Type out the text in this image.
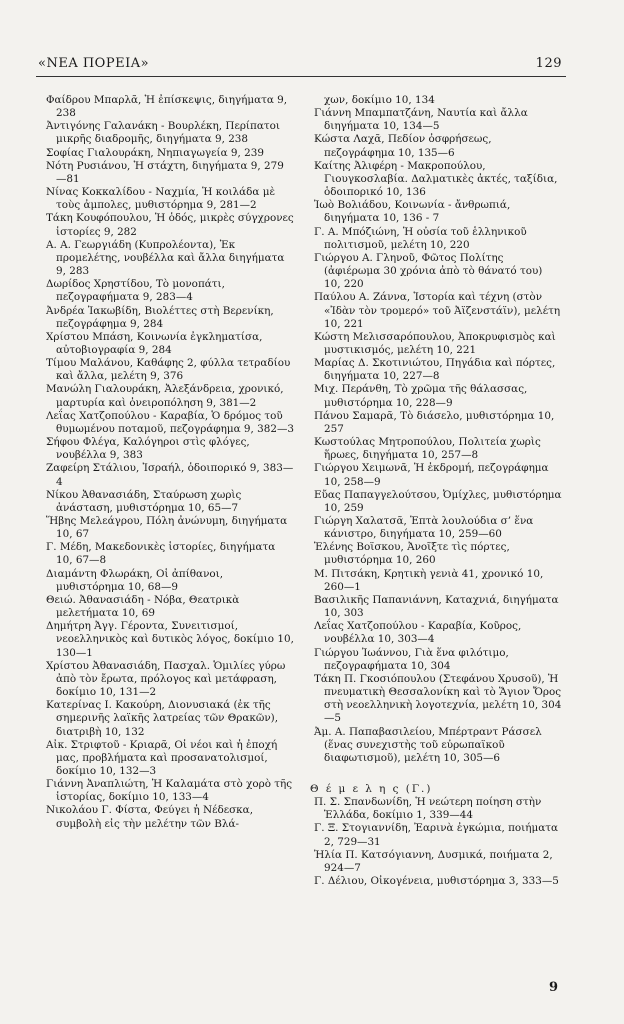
«ΝΕΑ ΠΟΡΕΙΑ»	129

Φαίδρου Μπαρλᾶ, Ἡ ἐπίσκεψις, διηγήματα 9, 238

Ἀντιγόνης Γαλανάκη - Βουρλέκη, Περίπατοι μικρῆς διαδρομῆς, διηγήματα 9, 238

Σοφίας Γιαλουράκη, Νηπιαγωγεία 9, 239

Νότη Ρυσιάνου, Ἡ στάχτη, διηγήματα 9, 279—81

Νίνας Κοκκαλίδου - Ναχμία, Ἡ κοιλάδα μὲ τοὺς ἀμπολες, μυθιστόρημα 9, 281—2

Τάκη Κουφόπουλου, Ἡ ὁδός, μικρὲς σύγχρονες ἱστορίες 9, 282

Α. Α. Γεωργιάδη (Κυπρολέοντα), Ἐκ προμελέτης, νουβέλλα καὶ ἄλλα διηγήματα 9, 283

Δωρίδος Χρηστίδου, Τὸ μονοπάτι, πεζογραφήματα 9, 283—4

Ἀνδρέα Ἰακωβίδη, Βιολέττες στὴ Βερενίκη, πεζογράφημα 9, 284

Χρίστου Μπάση, Κοινωνία ἐγκληματίσα, αὐτοβιογραφία 9, 284

Τίμου Μαλάνου, Καθάφης 2, φύλλα τετραδίου καὶ ἄλλα, μελέτη 9, 376

Μανώλη Γιαλουράκη, Ἀλεξάνδρεια, χρονικό, μαρτυρία καὶ ὀνειροπόληση 9, 381—2

Λεΐας Χατζοπούλου - Καραβία, Ὁ δρόμος τοῦ θυμωμένου ποταμοῦ, πεζογράφημα 9, 382—3

Σήφου Φλέγα, Καλόγηροι στὶς φλόγες, νουβέλλα 9, 383

Ζαφείρη Στάλιου, Ἰσραήλ, ὁδοιπορικό 9, 383—4

Νίκου Ἀθανασιάδη, Σταύρωση χωρὶς ἀνάσταση, μυθιστόρημα 10, 65—7

Ἥβης Μελεάγρου, Πόλη ἀνώνυμη, διηγήματα 10, 67

Γ. Μέδη, Μακεδονικὲς ἱστορίες, διηγήματα 10, 67—8

Διαμάντη Φλωράκη, Οἱ ἀπίθανοι, μυθιστόρημα 10, 68—9

Θειώ. Ἀθανασιάδη - Νόβα, Θεατρικὰ μελετήματα 10, 69

Δημήτρη Ἀγγ. Γέροντα, Συνειτισμοί, νεοελληνικὸς καὶ δυτικὸς λόγος, δοκίμιο 10, 130—1

Χρίστου Ἀθανασιάδη, Πασχαλ. Ὁμιλίες γύρω ἀπὸ τὸν ἔρωτα, πρόλογος καὶ μετάφραση, δοκίμιο 10, 131—2

Κατερίνας Ι. Κακούρη, Διονυσιακά (ἐκ τῆς σημερινῆς λαϊκῆς λατρείας τῶν Θρακῶν), διατριβὴ 10, 132

Αἰκ. Στριφτοῦ - Κριαρᾶ, Οἱ νέοι καὶ ἡ ἐποχή μας, προβλήματα καὶ προσανατολισμοί, δοκίμιο 10, 132—3

Γιάννη Ἀναπλιώτη, Ἡ Καλαμάτα στὸ χορὸ τῆς ἱστορίας, δοκίμιο 10, 133—4

Νικολάου Γ. Φίστα, Φεύγει ἡ Νέδεσκα, συμβολὴ εἰς τὴν μελέτην τῶν Βλά-

χων, δοκίμιο 10, 134

Γιάννη Μπαμπατζάνη, Ναυτία καὶ ἄλλα διηγήματα 10, 134—5

Κώστα Λαχᾶ, Πεδίον ὀσφρήσεως, πεζογράφημα 10, 135—6

Καίτης Ἀλιφέρη - Μακροπούλου, Γιουγκοσλαβία. Δαλματικὲς ἀκτές, ταξίδια, ὁδοιπορικό 10, 136

Ἰωὸ Βολιάδου, Κοινωνία - ἄνθρωπιά, διηγήματα 10, 136 - 7

Γ. Α. Μπόζιώνη, Ἡ οὐσία τοῦ ἑλληνικοῦ πολιτισμοῦ, μελέτη 10, 220

Γιώργου Α. Γληνοῦ, Φῶτος Πολίτης (ἀφιέρωμα 30 χρόνια ἀπὸ τὸ θάνατό του) 10, 220

Παύλου Α. Ζάννα, Ἱστορία καὶ τέχνη (στὸν «Ἰδὰν τὸν τρομερό» τοῦ Ἀϊζενστάϊν), μελέτη 10, 221

Κώστη Μελισσαρόπουλου, Ἀποκρυφισμὸς καὶ μυστικισμός, μελέτη 10, 221

Μαρίας Δ. Σκοτινιώτου, Πηγάδια καὶ πόρτες, διηγήματα 10, 227—8

Μιχ. Περάνθη, Τὸ χρῶμα τῆς θάλασσας, μυθιστόρημα 10, 228—9

Πάνου Σαμαρᾶ, Τὸ διάσελο, μυθιστόρημα 10, 257

Κωστούλας Μητροπούλου, Πολιτεία χωρὶς ἥρωες, διηγήματα 10, 257—8

Γιώργου Χειμωνᾶ, Ἡ ἐκδρομή, πεζογράφημα 10, 258—9

Εὔας Παπαγγελούτσου, Ὀμίχλες, μυθιστόρημα 10, 259

Γιώργη Χαλατσᾶ, Ἑπτὰ λουλούδια σ’ ἕνα κάνιστρο, διηγήματα 10, 259—60

Ἑλένης Βοϊσκου, Ἀνοῖξτε τὶς πόρτες, μυθιστόρημα 10, 260

Μ. Πιτσάκη, Κρητικὴ γενιὰ 41, χρονικό 10, 260—1

Βασιλικῆς Παπανιάννη, Καταχνιά, διηγήματα 10, 303

Λεΐας Χατζοπούλου - Καραβία, Κοῦρος, νουβέλλα 10, 303—4

Γιώργου Ἰωάννου, Γιὰ ἕνα φιλότιμο, πεζογραφήματα 10, 304

Τάκη Π. Γκοσιόπουλου (Στεφάνου Χρυσοῦ), Ἡ πνευματικὴ Θεσσαλονίκη καὶ τὸ Ἅγιον Ὄρος στὴ νεοελληνικὴ λογοτεχνία, μελέτη 10, 304—5

Ἀμ. Α. Παπαβασιλείου, Μπέρτραντ Ράσσελ (ἕνας συνεχιστὴς τοῦ εὐρωπαϊκοῦ διαφωτισμοῦ), μελέτη 10, 305—6

Θ έ μ ε λ η ς (Γ.)

Π. Σ. Σπανδωνίδη, Ἡ νεώτερη ποίηση στὴν Ἑλλάδα, δοκίμιο 1, 339—44

Γ. Ξ. Στογιαννίδη, Ἐαρινὰ ἐγκώμια, ποιήματα 2, 729—31

Ἠλία Π. Κατσόγιαννη, Δυσμικά, ποιήματα 2, 924—7

Γ. Δέλιου, Οἰκογένεια, μυθιστόρημα 3, 333—5

9
